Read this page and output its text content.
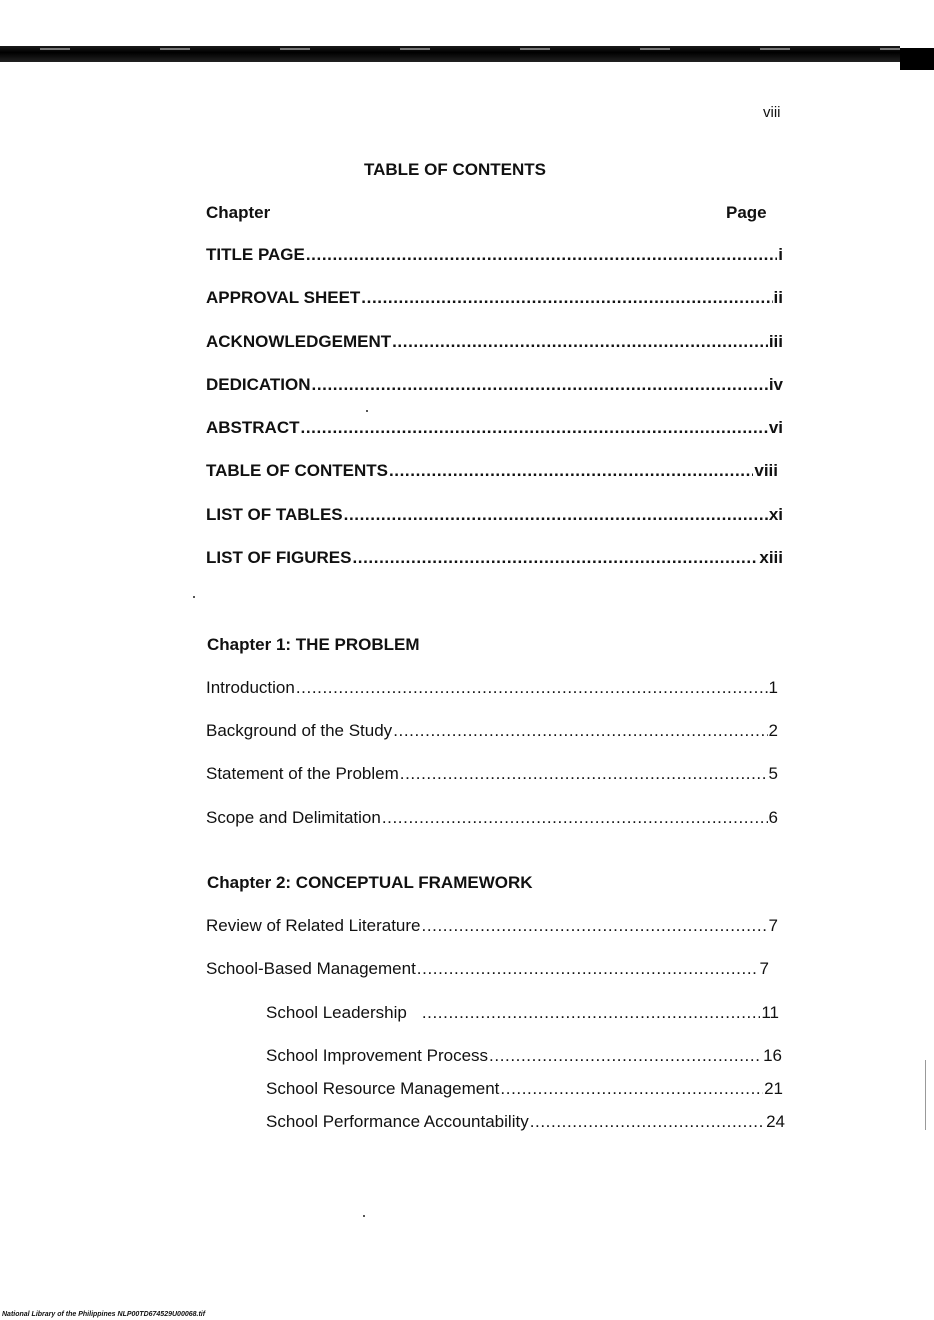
viii
TABLE OF CONTENTS
Chapter	Page
TITLE PAGE .....	i
APPROVAL SHEET .....	ii
ACKNOWLEDGEMENT .....	iii
DEDICATION .....	iv
ABSTRACT .....	vi
TABLE OF CONTENTS .....	viii
LIST OF TABLES .....	xi
LIST OF FIGURES .....	xiii
Chapter 1: THE PROBLEM
Introduction .....	1
Background of the Study .....	2
Statement of the Problem .....	5
Scope and Delimitation .....	6
Chapter 2: CONCEPTUAL FRAMEWORK
Review of Related Literature .....	7
School-Based Management .....	7
School Leadership .....	11
School Improvement Process .....	16
School Resource Management .....	21
School Performance Accountability .....	24
National Library of the Philippines NLP00TD674529U00068.tif
